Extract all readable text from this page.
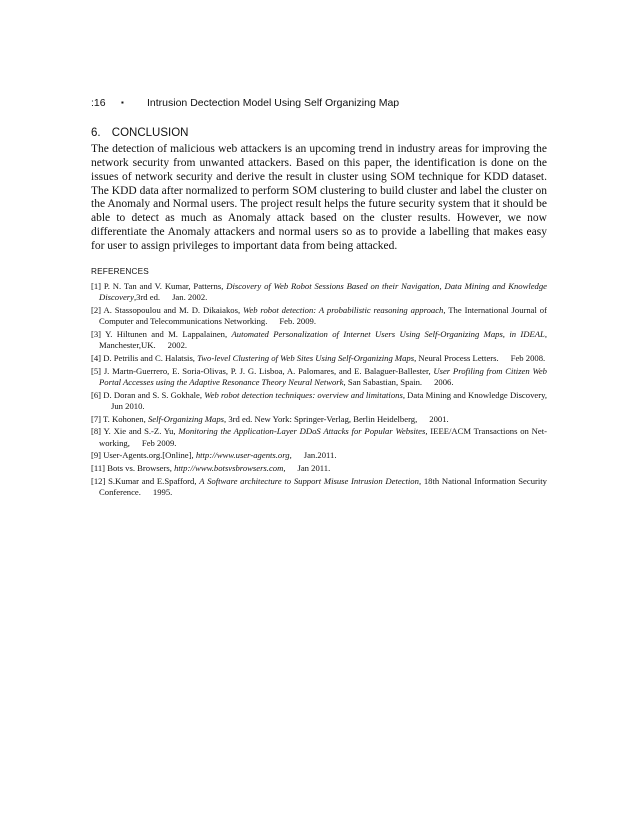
:16	▪	Intrusion Dectection Model Using Self Organizing Map
6. CONCLUSION

The detection of malicious web attackers is an upcoming trend in industry areas for improving the network security from unwanted attackers. Based on this paper, the identification is done on the issues of network security and derive the result in cluster using SOM technique for KDD dataset. The KDD data after normalized to perform SOM clustering to build cluster and label the cluster on the Anomaly and Normal users. The project result helps the future security system that it should be able to detect as much as Anomaly attack based on the cluster results. However, we now differentiate the Anomaly attackers and normal users so as to provide a labelling that makes easy for user to assign privileges to important data from being attacked.

REFERENCES
[1] P. N. Tan and V. Kumar, Patterns, Discovery of Web Robot Sessions Based on their Navigation, Data Mining and Knowledge Discovery,3rd ed. Jan. 2002.
[2] A. Stassopoulou and M. D. Dikaiakos, Web robot detection: A probabilistic reasoning approach, The International Journal of Computer and Telecommunications Networking. Feb. 2009.
[3] Y. Hiltunen and M. Lappalainen, Automated Personalization of Internet Users Using Self-Organizing Maps, in IDEAL, Manchester,UK. 2002.
[4] D. Petrilis and C. Halatsis, Two-level Clustering of Web Sites Using Self-Organizing Maps, Neural Process Letters. Feb 2008.
[5] J. Martn-Guerrero, E. Soria-Olivas, P. J. G. Lisboa, A. Palomares, and E. Balaguer-Ballester, User Profiling from Citizen Web Portal Accesses using the Adaptive Resonance Theory Neural Network, San Sabastian, Spain. 2006.
[6] D. Doran and S. S. Gokhale, Web robot detection techniques: overview and limitations, Data Mining and Knowledge Discovery,Jun 2010.
[7] T. Kohonen, Self-Organizing Maps, 3rd ed. New York: Springer-Verlag, Berlin Heidelberg, 2001.
[8] Y. Xie and S.-Z. Yu, Monitoring the Application-Layer DDoS Attacks for Popular Websites, IEEE/ACM Transactions on Net-working, Feb 2009.
[9] User-Agents.org.[Online], http://www.user-agents.org, Jan.2011.
[11] Bots vs. Browsers, http://www.botsvsbrowsers.com, Jan 2011.
[12] S.Kumar and E.Spafford, A Software architecture to Support Misuse Intrusion Detection, 18th National Information Security Conference. 1995.
